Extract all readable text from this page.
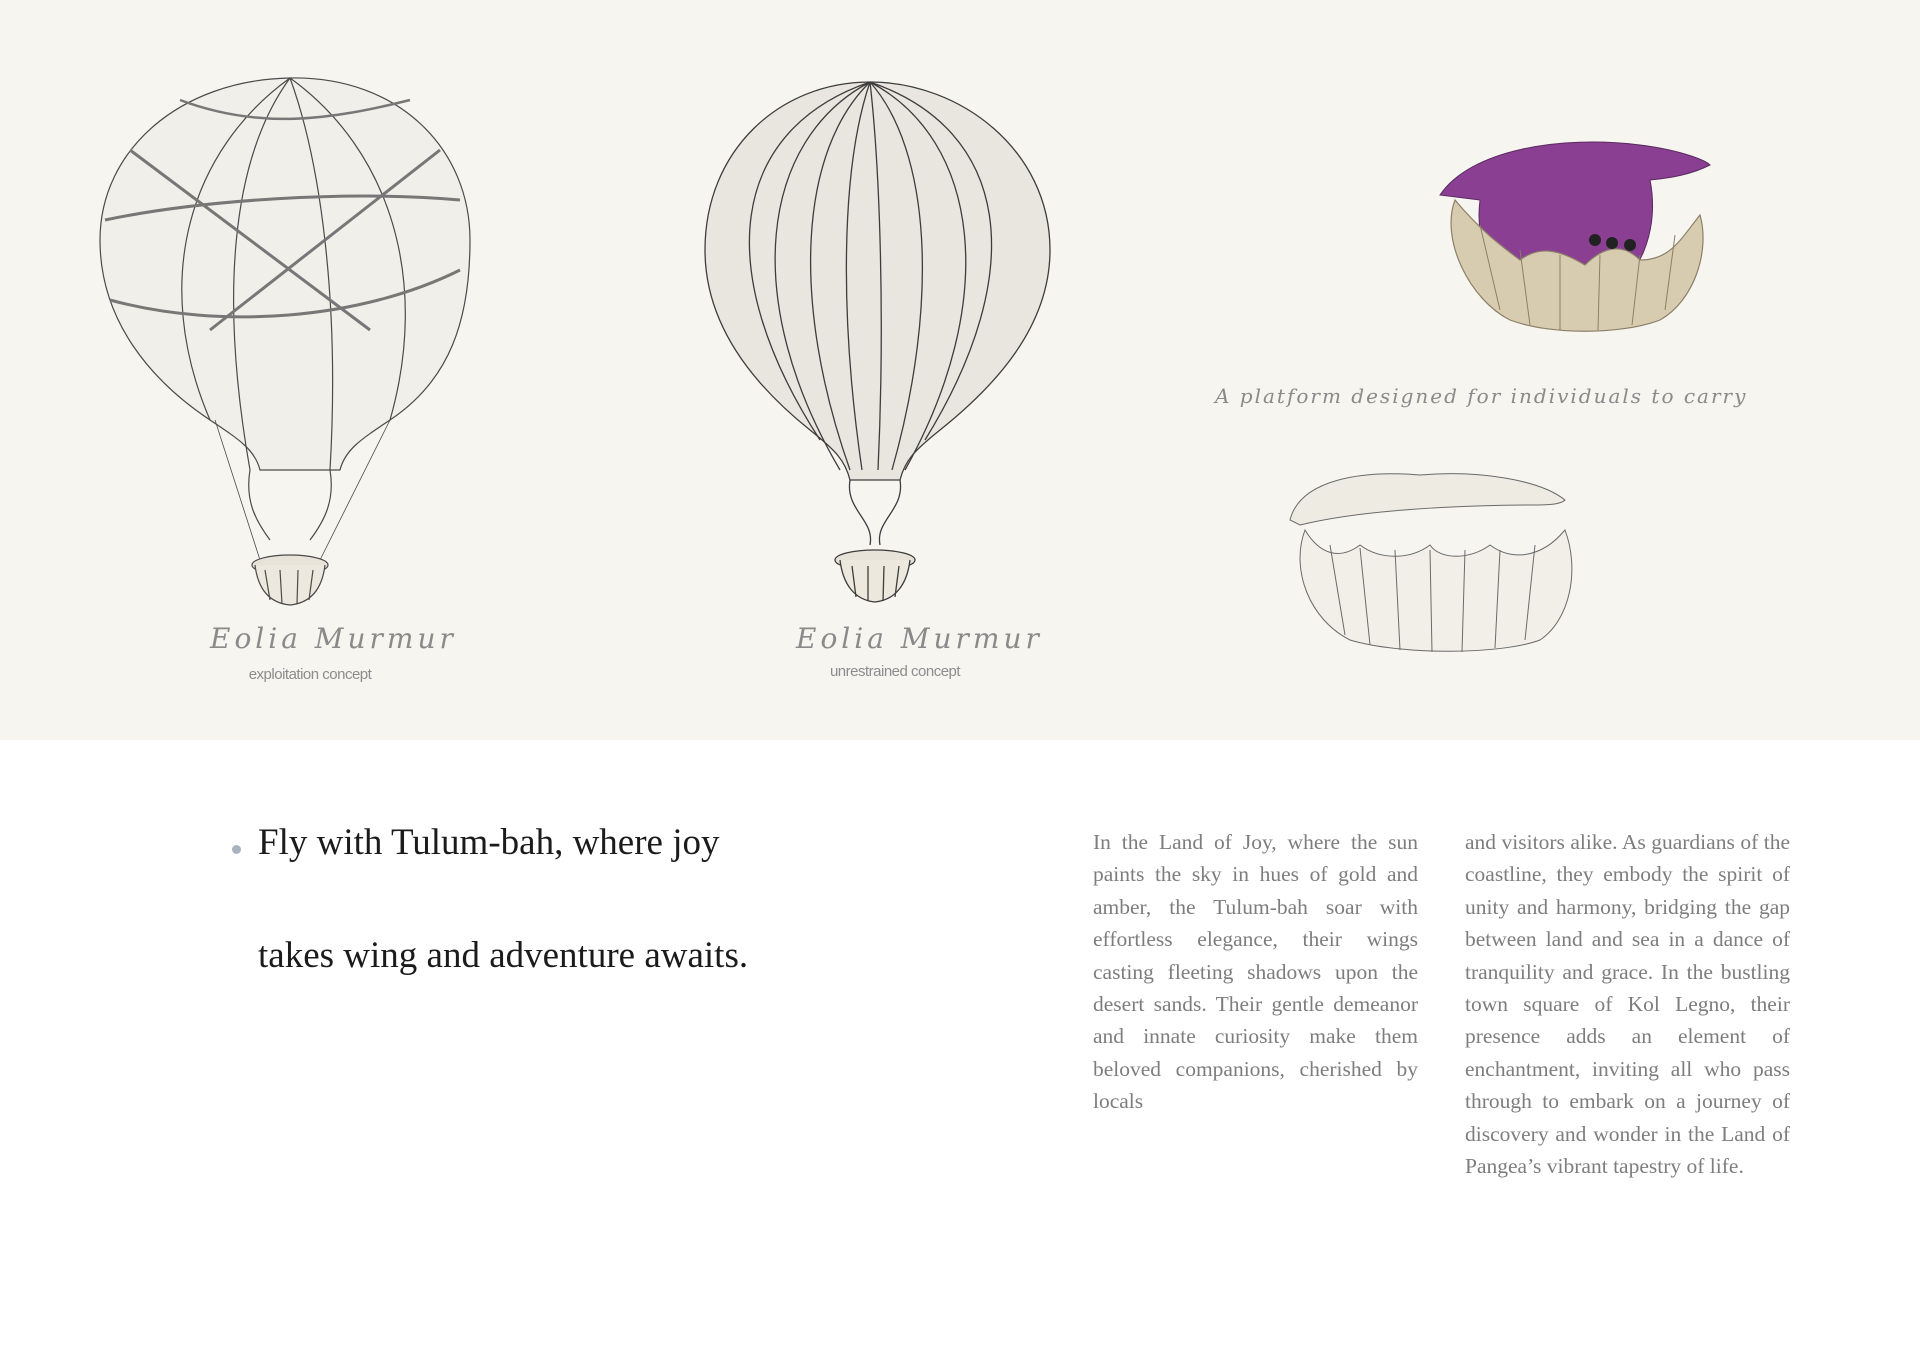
Eolia Murmur
exploitation concept
Eolia Murmur
unrestrained concept
A platform designed for individuals to carry

Fly with Tulum-bah, where joy takes wing and adventure awaits.

In the Land of Joy, where the sun paints the sky in hues of gold and amber, the Tulum-bah soar with effortless elegance, their wings casting fleeting shadows upon the desert sands. Their gentle demeanor and innate curiosity make them beloved companions, cherished by locals

and visitors alike. As guardians of the coastline, they embody the spirit of unity and harmony, bridging the gap between land and sea in a dance of tranquility and grace. In the bustling town square of Kol Legno, their presence adds an element of enchantment, inviting all who pass through to embark on a journey of discovery and wonder in the Land of Pangea’s vibrant tapestry of life.
